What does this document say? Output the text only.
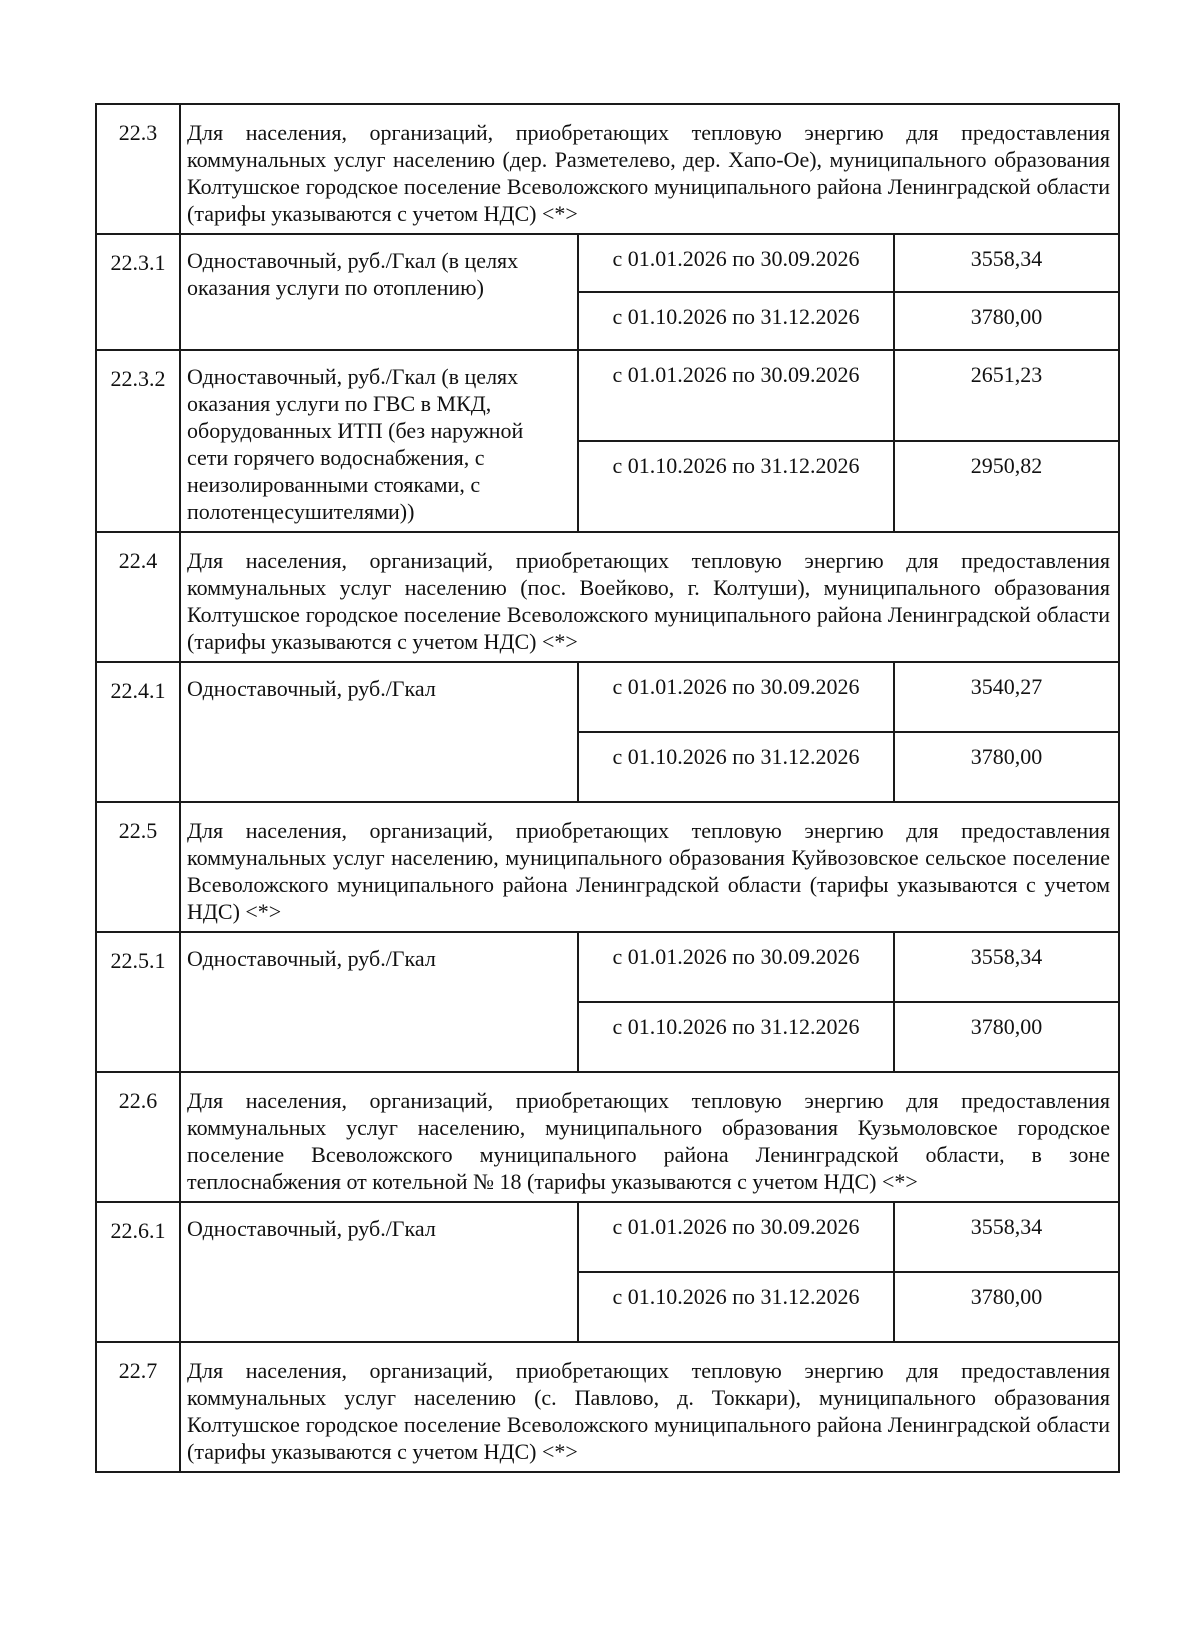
22.3	Для населения, организаций, приобретающих тепловую энергию для предоставления коммунальных услуг населению (дер. Разметелево, дер. Хапо-Ое), муниципального образования Колтушское городское поселение Всеволожского муниципального района Ленинградской области (тарифы указываются с учетом НДС) <*>		
22.3.1	Одноставочный, руб./Гкал (в целях оказания услуги по отоплению)	с 01.01.2026 по 30.09.2026	3558,34
		с 01.10.2026 по 31.12.2026	3780,00
22.3.2	Одноставочный, руб./Гкал (в целях оказания услуги по ГВС в МКД, оборудованных ИТП (без наружной сети горячего водоснабжения, с неизолированными стояками, с полотенцесушителями))	с 01.01.2026 по 30.09.2026	2651,23
		с 01.10.2026 по 31.12.2026	2950,82
22.4	Для населения, организаций, приобретающих тепловую энергию для предоставления коммунальных услуг населению (пос. Воейково, г. Колтуши), муниципального образования Колтушское городское поселение Всеволожского муниципального района Ленинградской области (тарифы указываются с учетом НДС) <*>		
22.4.1	Одноставочный, руб./Гкал	с 01.01.2026 по 30.09.2026	3540,27
		с 01.10.2026 по 31.12.2026	3780,00
22.5	Для населения, организаций, приобретающих тепловую энергию для предоставления коммунальных услуг населению, муниципального образования Куйвозовское сельское поселение Всеволожского муниципального района Ленинградской области (тарифы указываются с учетом НДС) <*>		
22.5.1	Одноставочный, руб./Гкал	с 01.01.2026 по 30.09.2026	3558,34
		с 01.10.2026 по 31.12.2026	3780,00
22.6	Для населения, организаций, приобретающих тепловую энергию для предоставления коммунальных услуг населению, муниципального образования Кузьмоловское городское поселение Всеволожского муниципального района Ленинградской области, в зоне теплоснабжения от котельной № 18 (тарифы указываются с учетом НДС) <*>		
22.6.1	Одноставочный, руб./Гкал	с 01.01.2026 по 30.09.2026	3558,34
		с 01.10.2026 по 31.12.2026	3780,00
22.7	Для населения, организаций, приобретающих тепловую энергию для предоставления коммунальных услуг населению (с. Павлово, д. Токкари), муниципального образования Колтушское городское поселение Всеволожского муниципального района Ленинградской области (тарифы указываются с учетом НДС) <*>		
